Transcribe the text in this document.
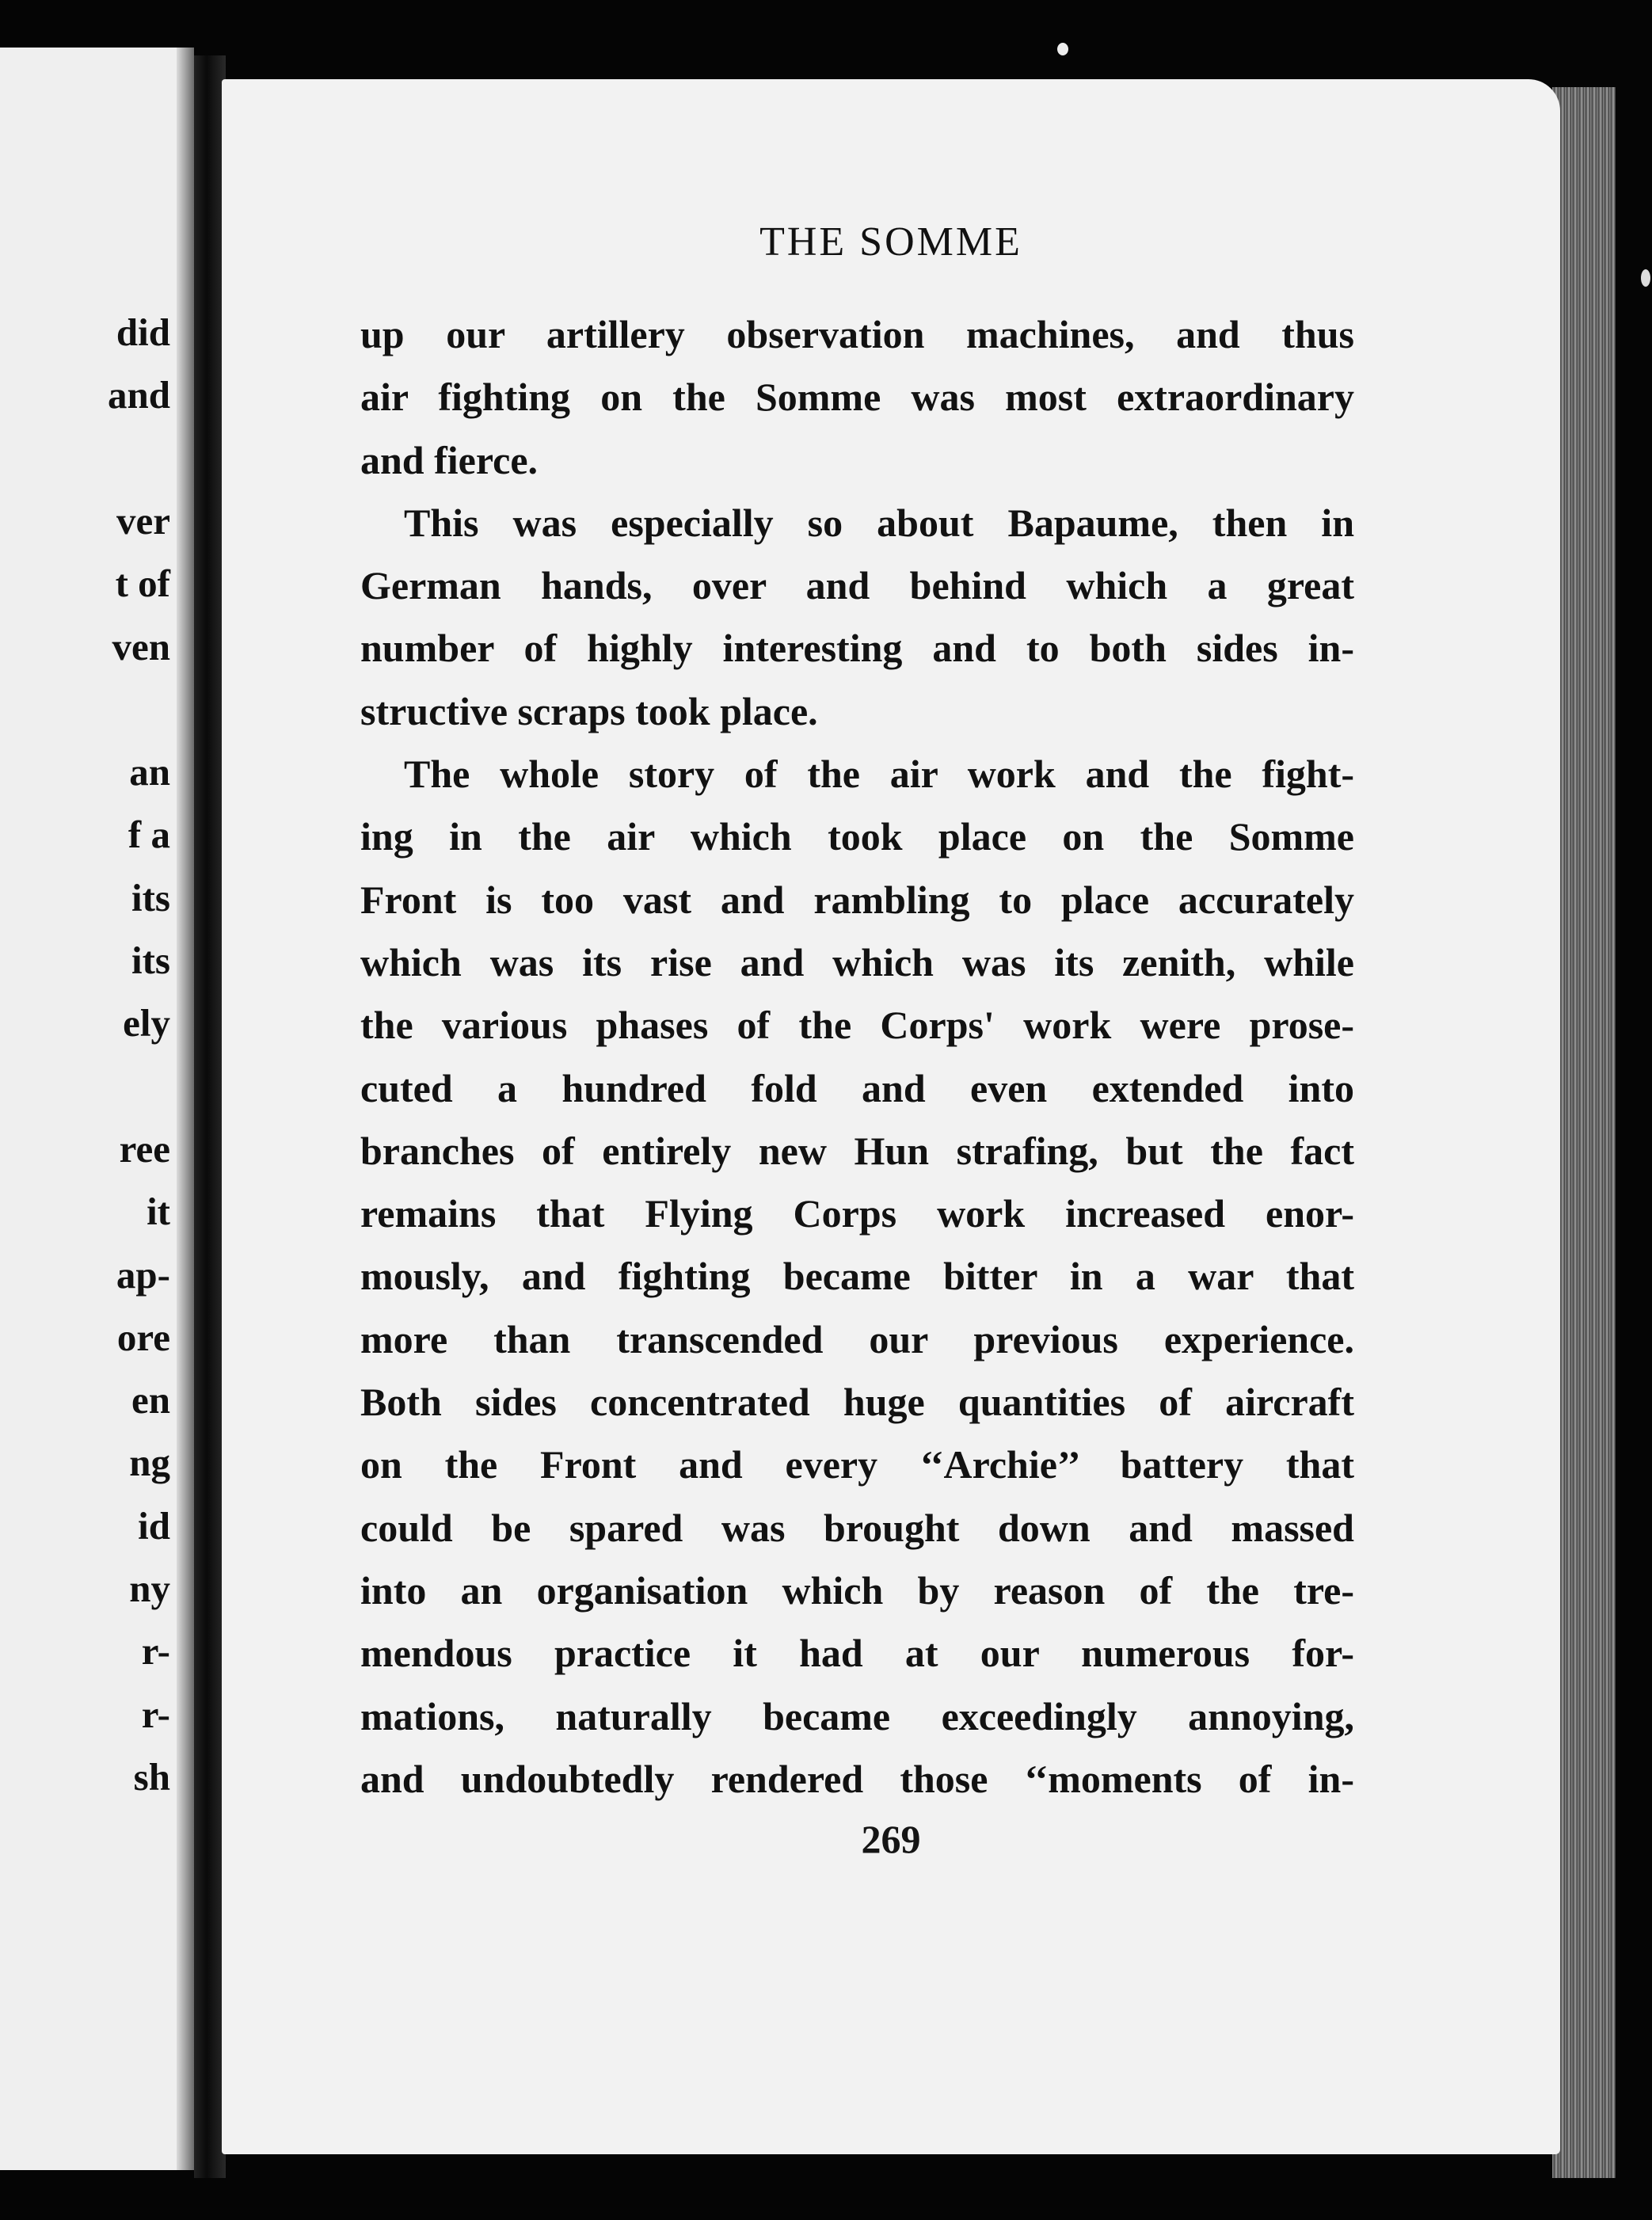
did
and
ver
t of
ven
an
f a
its
its
ely
ree
it
ap-
ore
en
ng
id
ny
r-
r-
sh
THE SOMME
up our artillery observation machines, and thus
air fighting on the Somme was most extraordinary
and fierce.
This was especially so about Bapaume, then in
German hands, over and behind which a great
number of highly interesting and to both sides in-
structive scraps took place.
The whole story of the air work and the fight-
ing in the air which took place on the Somme
Front is too vast and rambling to place accurately
which was its rise and which was its zenith, while
the various phases of the Corps' work were prose-
cuted a hundred fold and even extended into
branches of entirely new Hun strafing, but the fact
remains that Flying Corps work increased enor-
mously, and fighting became bitter in a war that
more than transcended our previous experience.
Both sides concentrated huge quantities of aircraft
on the Front and every ‘‘Archie’’ battery that
could be spared was brought down and massed
into an organisation which by reason of the tre-
mendous practice it had at our numerous for-
mations, naturally became exceedingly annoying,
and undoubtedly rendered those ‘‘moments of in-
269
